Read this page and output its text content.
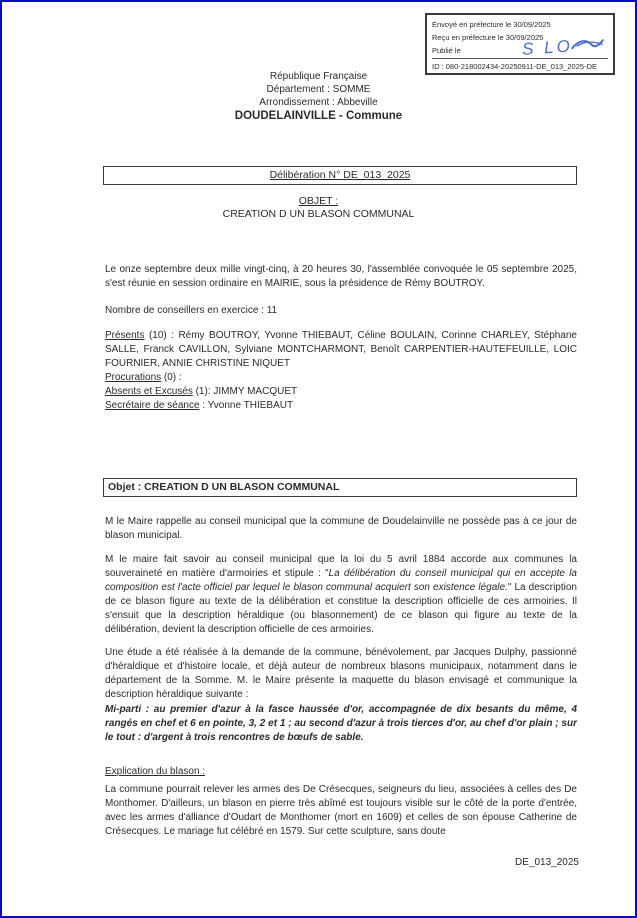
Envoyé en préfecture le 30/09/2025
Reçu en préfecture le 30/09/2025
Publié le
ID : 080-218002434-20250911-DE_013_2025-DE
S LO
République Française
Département : SOMME
Arrondissement : Abbeville
DOUDELAINVILLE - Commune
Délibération N° DE_013_2025
OBJET :
CREATION D UN BLASON COMMUNAL

Le onze septembre deux mille vingt-cinq, à 20 heures 30, l'assemblée convoquée le 05 septembre 2025, s'est réunie en session ordinaire en MAIRIE, sous la présidence de Rémy BOUTROY.

Nombre de conseillers en exercice : 11

Présents (10) : Rémy BOUTROY, Yvonne THIEBAUT, Céline BOULAIN, Corinne CHARLEY, Stéphane SALLE, Franck CAVILLON, Sylviane MONTCHARMONT, Benoît CARPENTIER-HAUTEFEUILLE, LOIC FOURNIER, ANNIE CHRISTINE NIQUET

Procurations (0) :
Absents et Excusés (1): JIMMY MACQUET
Secrétaire de séance : Yvonne THIEBAUT
Objet : CREATION D UN BLASON COMMUNAL

M le Maire rappelle au conseil municipal que la commune de Doudelainville ne possède pas à ce jour de blason municipal.

M le maire fait savoir au conseil municipal que la loi du 5 avril 1884 accorde aux communes la souveraineté en matière d'armoiries et stipule : "La délibération du conseil municipal qui en accepte la composition est l'acte officiel par lequel le blason communal acquiert son existence légale." La description de ce blason figure au texte de la délibération et constitue la description officielle de ces armoiries. Il s'ensuit que la description héraldique (ou blasonnement) de ce blason qui figure au texte de la délibération, devient la description officielle de ces armoiries.

Une étude a été réalisée à la demande de la commune, bénévolement, par Jacques Dulphy, passionné d'héraldique et d'histoire locale, et déjà auteur de nombreux blasons municipaux, notamment dans le département de la Somme. M. le Maire présente la maquette du blason envisagé et communique la description héraldique suivante :

Mi-parti : au premier d'azur à la fasce haussée d'or, accompagnée de dix besants du même, 4 rangés en chef et 6 en pointe, 3, 2 et 1 ; au second d'azur à trois tierces d'or, au chef d'or plain ; sur le tout : d'argent à trois rencontres de bœufs de sable.

Explication du blason :

La commune pourrait relever les armes des De Crésecques, seigneurs du lieu, associées à celles des De Monthomer. D'ailleurs, un blason en pierre très abîmé est toujours visible sur le côté de la porte d'entrée, avec les armes d'alliance d'Oudart de Monthomer (mort en 1609) et celles de son épouse Catherine de Crésecques. Le mariage fut célébré en 1579. Sur cette sculpture, sans doute

DE_013_2025
